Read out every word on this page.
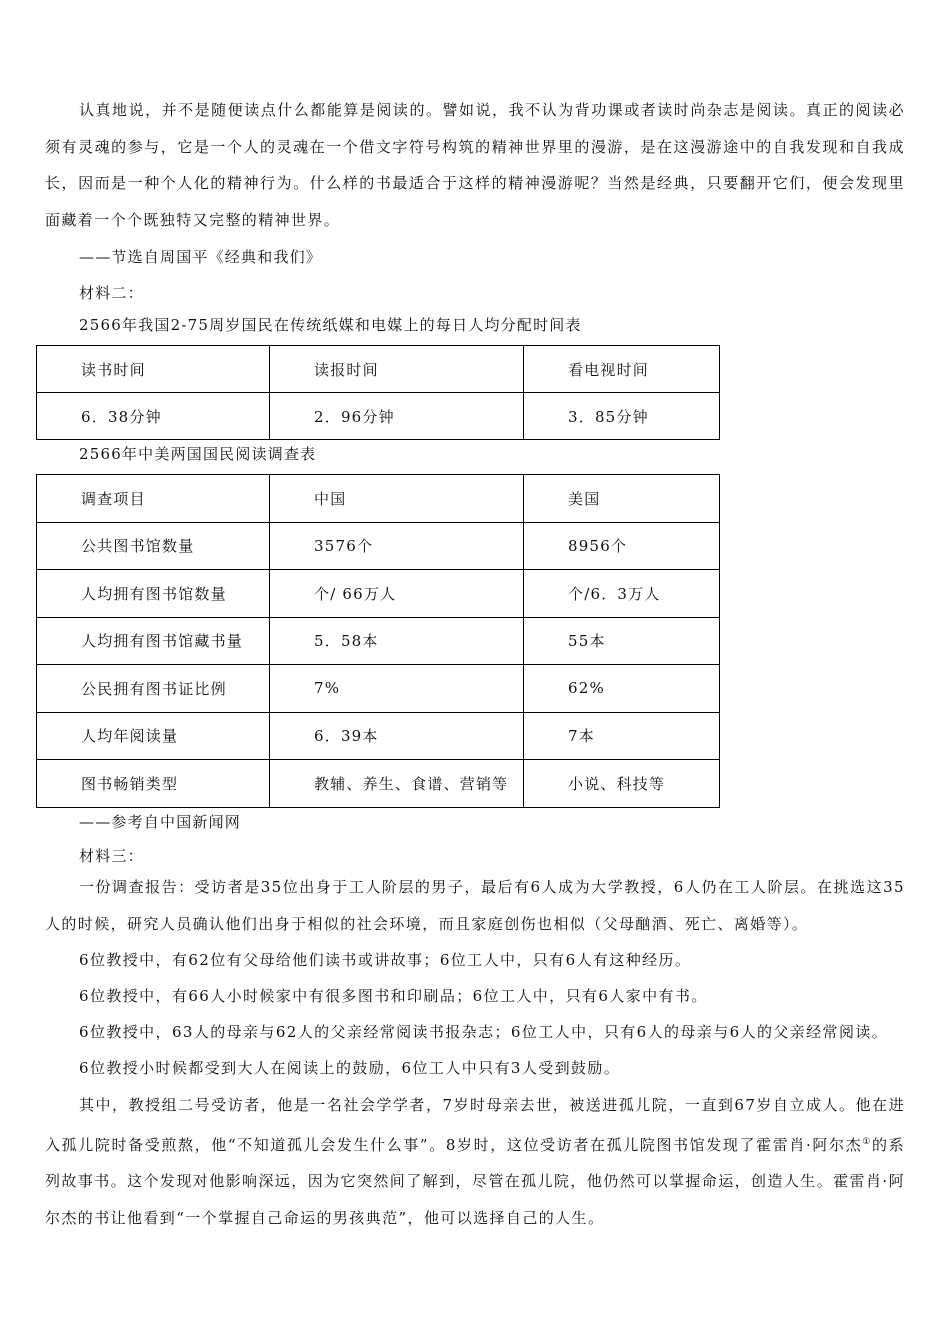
认真地说，并不是随便读点什么都能算是阅读的。譬如说，我不认为背功课或者读时尚杂志是阅读。真正的阅读必须有灵魂的参与，它是一个人的灵魂在一个借文字符号构筑的精神世界里的漫游，是在这漫游途中的自我发现和自我成长，因而是一种个人化的精神行为。什么样的书最适合于这样的精神漫游呢？当然是经典，只要翻开它们，便会发现里面藏着一个个既独特又完整的精神世界。

——节选自周国平《经典和我们》

材料二：

2566年我国2-75周岁国民在传统纸媒和电媒上的每日人均分配时间表

读书时间	读报时间	看电视时间
6．38分钟	2．96分钟	3．85分钟

2566年中美两国国民阅读调查表

调查项目	中国	美国
公共图书馆数量	3576个	8956个
人均拥有图书馆数量	个/ 66万人	个/6．3万人
人均拥有图书馆藏书量	5．58本	55本
公民拥有图书证比例	7%	62%
人均年阅读量	6．39本	7本
图书畅销类型	教辅、养生、食谱、营销等	小说、科技等

——参考自中国新闻网

材料三：

一份调查报告：受访者是35位出身于工人阶层的男子，最后有6人成为大学教授，6人仍在工人阶层。在挑选这35人的时候，研究人员确认他们出身于相似的社会环境，而且家庭创伤也相似（父母酗酒、死亡、离婚等）。

6位教授中，有62位有父母给他们读书或讲故事；6位工人中，只有6人有这种经历。

6位教授中，有66人小时候家中有很多图书和印刷品；6位工人中，只有6人家中有书。

6位教授中，63人的母亲与62人的父亲经常阅读书报杂志；6位工人中，只有6人的母亲与6人的父亲经常阅读。

6位教授小时候都受到大人在阅读上的鼓励，6位工人中只有3人受到鼓励。

其中，教授组二号受访者，他是一名社会学学者，7岁时母亲去世，被送进孤儿院，一直到67岁自立成人。他在进入孤儿院时备受煎熬，他“不知道孤儿会发生什么事”。8岁时，这位受访者在孤儿院图书馆发现了霍雷肖·阿尔杰①的系列故事书。这个发现对他影响深远，因为它突然间了解到，尽管在孤儿院，他仍然可以掌握命运，创造人生。霍雷肖·阿尔杰的书让他看到“一个掌握自己命运的男孩典范”，他可以选择自己的人生。
